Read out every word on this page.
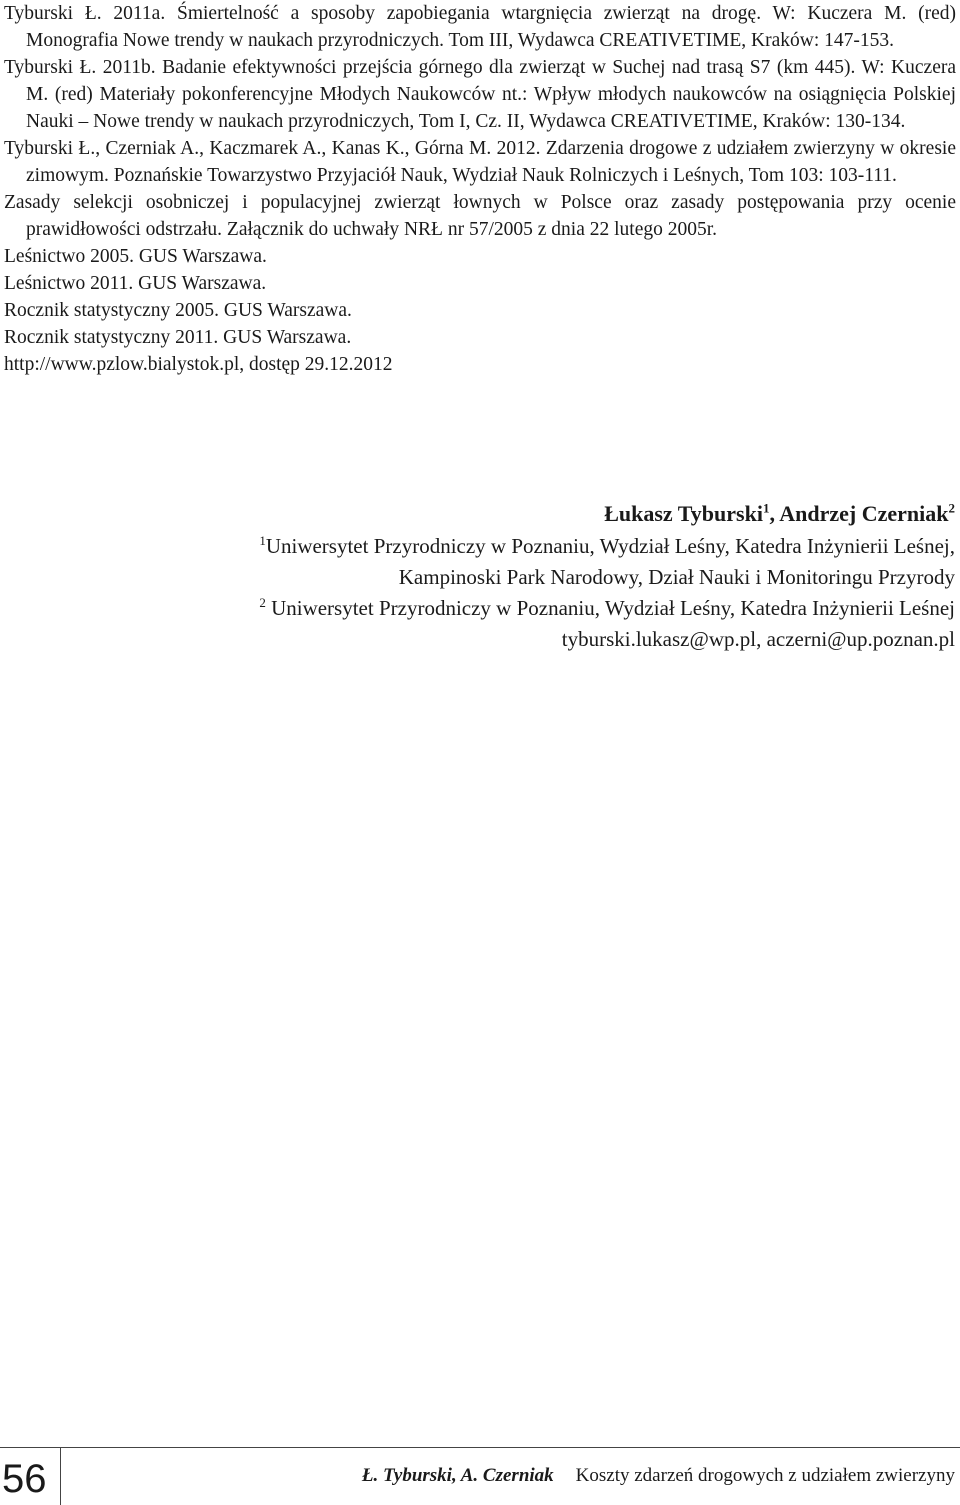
Tyburski Ł. 2011a. Śmiertelność a sposoby zapobiegania wtargnięcia zwierząt na drogę. W: Kuczera M. (red) Monografia Nowe trendy w naukach przyrodniczych. Tom III, Wydawca CREATIVETIME, Kraków: 147-153.

Tyburski Ł. 2011b. Badanie efektywności przejścia górnego dla zwierząt w Suchej nad trasą S7 (km 445). W: Kuczera M. (red) Materiały pokonferencyjne Młodych Naukowców nt.: Wpływ młodych naukowców na osiągnięcia Polskiej Nauki – Nowe trendy w naukach przyrodniczych, Tom I, Cz. II, Wydawca CREATIVETIME, Kraków: 130-134.

Tyburski Ł., Czerniak A., Kaczmarek A., Kanas K., Górna M. 2012. Zdarzenia drogowe z udziałem zwierzyny w okresie zimowym. Poznańskie Towarzystwo Przyjaciół Nauk, Wydział Nauk Rolniczych i Leśnych, Tom 103: 103-111.

Zasady selekcji osobniczej i populacyjnej zwierząt łownych w Polsce oraz zasady postępowania przy ocenie prawidłowości odstrzału. Załącznik do uchwały NRŁ nr 57/2005 z dnia 22 lutego 2005r.

Leśnictwo 2005. GUS Warszawa.

Leśnictwo 2011. GUS Warszawa.

Rocznik statystyczny 2005. GUS Warszawa.

Rocznik statystyczny 2011. GUS Warszawa.

http://www.pzlow.bialystok.pl, dostęp 29.12.2012

Łukasz Tyburski$^1$, Andrzej Czerniak$^2$

$^1$Uniwersytet Przyrodniczy w Poznaniu, Wydział Leśny, Katedra Inżynierii Leśnej,

Kampinoski Park Narodowy, Dział Nauki i Monitoringu Przyrody

$^2$ Uniwersytet Przyrodniczy w Poznaniu, Wydział Leśny, Katedra Inżynierii Leśnej

tyburski.lukasz@wp.pl, aczerni@up.poznan.pl

56	Ł. Tyburski, A. Czerniak Koszty zdarzeń drogowych z udziałem zwierzyny
